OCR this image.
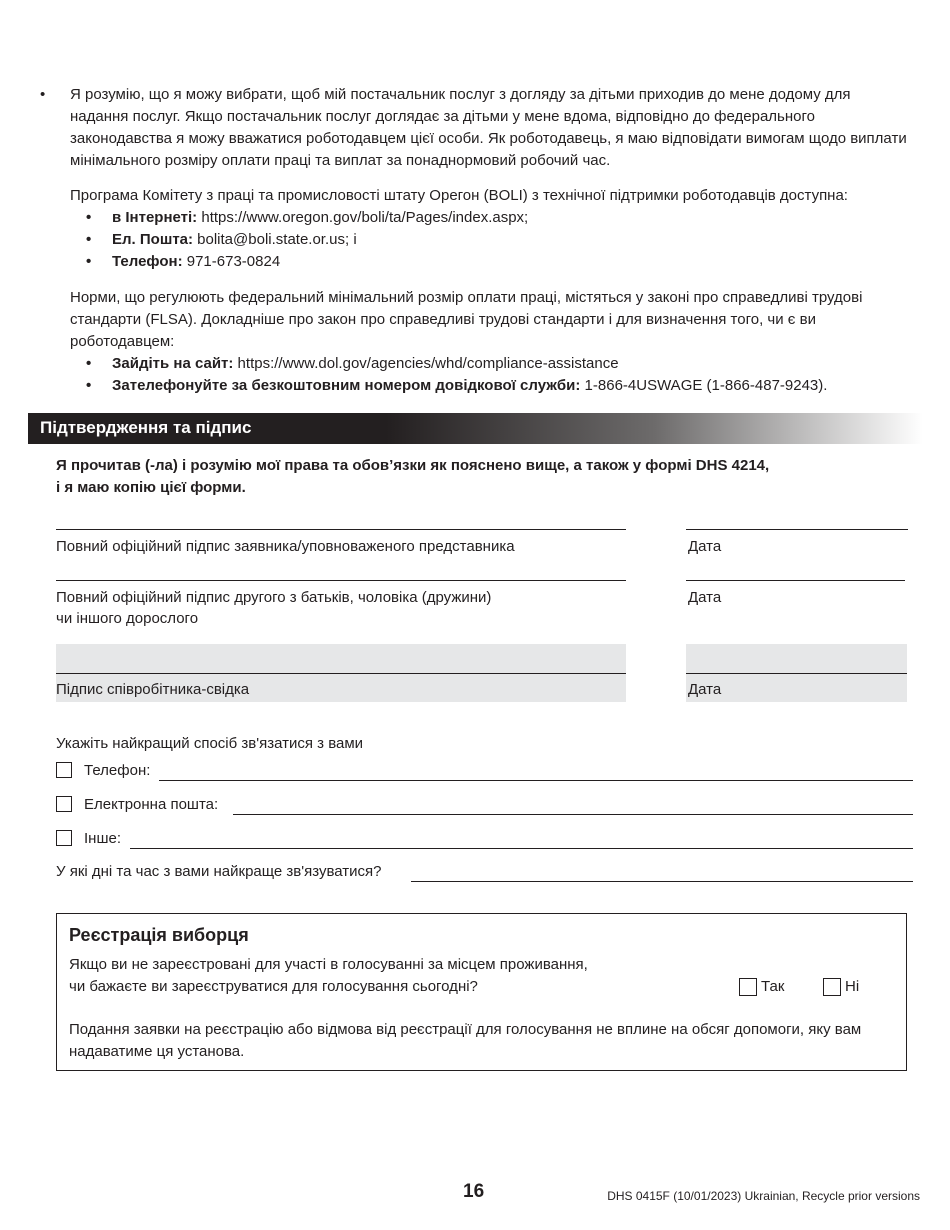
• Я розумію, що я можу вибрати, щоб мій постачальник послуг з догляду за дітьми приходив до мене додому для надання послуг. Якщо постачальник послуг доглядає за дітьми у мене вдома, відповідно до федерального законодавства я можу вважатися роботодавцем цієї особи. Як роботодавець, я маю відповідати вимогам щодо виплати мінімального розміру оплати праці та виплат за понаднормовий робочий час.
Програма Комітету з праці та промисловості штату Орегон (BOLI) з технічної підтримки роботодавців доступна:
• в Інтернеті: https://www.oregon.gov/boli/ta/Pages/index.aspx;
• Ел. Пошта: bolita@boli.state.or.us; і
• Телефон: 971-673-0824
Норми, що регулюють федеральний мінімальний розмір оплати праці, містяться у законі про справедливі трудові стандарти (FLSA). Докладніше про закон про справедливі трудові стандарти і для визначення того, чи є ви роботодавцем:
• Зайдіть на сайт: https://www.dol.gov/agencies/whd/compliance-assistance
• Зателефонуйте за безкоштовним номером довідкової служби: 1-866-4USWAGE (1-866-487-9243).
Підтвердження та підпис
Я прочитав (-ла) і розумію мої права та обов’язки як пояснено вище, а також у формі DHS 4214,
і я маю копію цієї форми.
Повний офіційний підпис заявника/уповноваженого представника	Дата
Повний офіційний підпис другого з батьків, чоловіка (дружини)
чи іншого дорослого
Дата
Підпис співробітника-свідка	Дата
Укажіть найкращий спосіб зв'язатися з вами
Телефон:
Електронна пошта:
Інше:
У які дні та час з вами найкраще зв'язуватися?
Реєстрація виборця
Якщо ви не зареєстровані для участі в голосуванні за місцем проживання,
чи бажаєте ви зареєструватися для голосування сьогодні?	Так	Ні
Подання заявки на реєстрацію або відмова від реєстрації для голосування не вплине на обсяг допомоги, яку вам надаватиме ця установа.
16	DHS 0415F (10/01/2023) Ukrainian, Recycle prior versions
